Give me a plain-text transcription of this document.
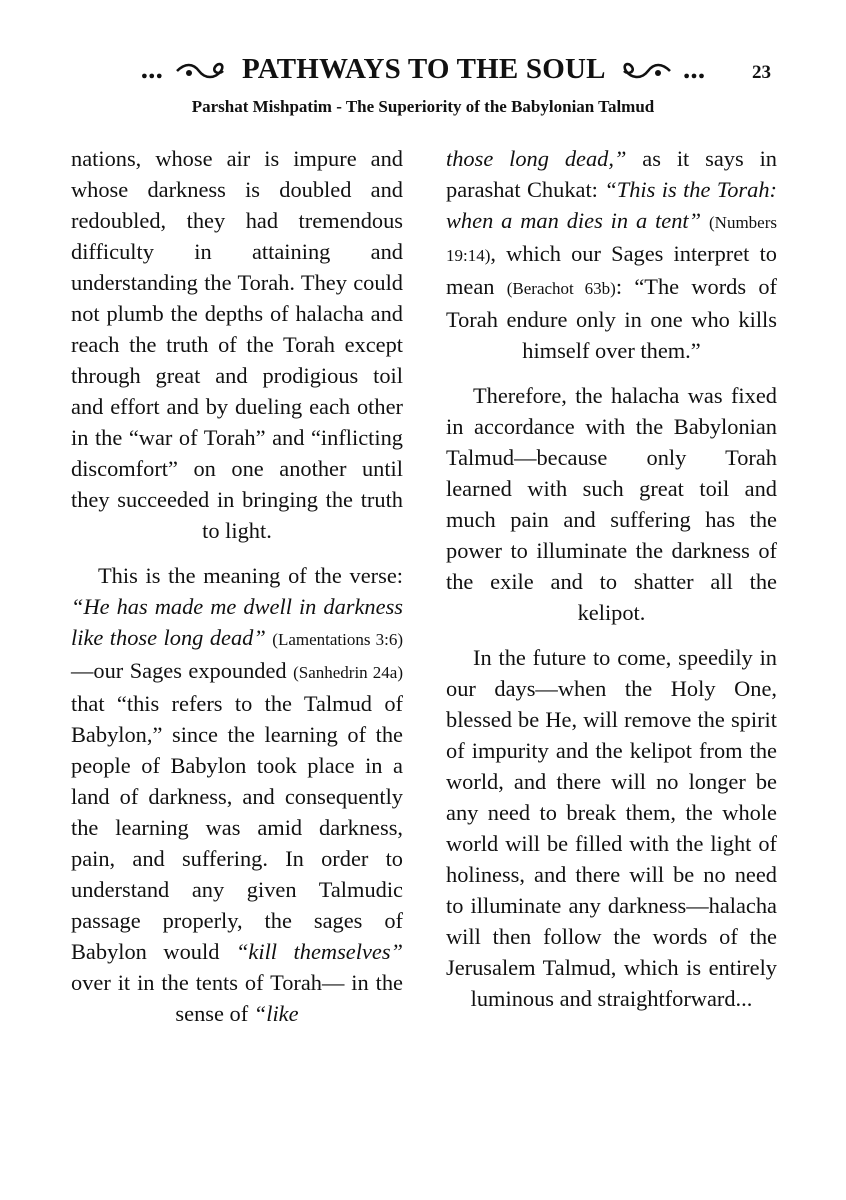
...	PATHWAYS TO THE SOUL	...	23
Parshat Mishpatim - The Superiority of the Babylonian Talmud

nations, whose air is impure and whose darkness is doubled and redoubled, they had tremendous difficulty in attaining and understanding the Torah. They could not plumb the depths of halacha and reach the truth of the Torah except through great and prodigious toil and effort and by dueling each other in the “war of Torah” and “inflicting discomfort” on one another until they succeeded in bringing the truth to light.

This is the meaning of the verse: “He has made me dwell in darkness like those long dead” (Lamentations 3:6)—our Sages expounded (Sanhedrin 24a) that “this refers to the Talmud of Babylon,” since the learning of the people of Babylon took place in a land of darkness, and consequently the learning was amid darkness, pain, and suffering. In order to understand any given Talmudic passage properly, the sages of Babylon would “kill themselves” over it in the tents of Torah— in the sense of “like

those long dead,” as it says in parashat Chukat: “This is the Torah: when a man dies in a tent” (Numbers 19:14), which our Sages interpret to mean (Berachot 63b): “The words of Torah endure only in one who kills himself over them.”

Therefore, the halacha was fixed in accordance with the Babylonian Talmud—because only Torah learned with such great toil and much pain and suffering has the power to illuminate the darkness of the exile and to shatter all the kelipot.

In the future to come, speedily in our days—when the Holy One, blessed be He, will remove the spirit of impurity and the kelipot from the world, and there will no longer be any need to break them, the whole world will be filled with the light of holiness, and there will be no need to illuminate any darkness—halacha will then follow the words of the Jerusalem Talmud, which is entirely luminous and straightforward...
